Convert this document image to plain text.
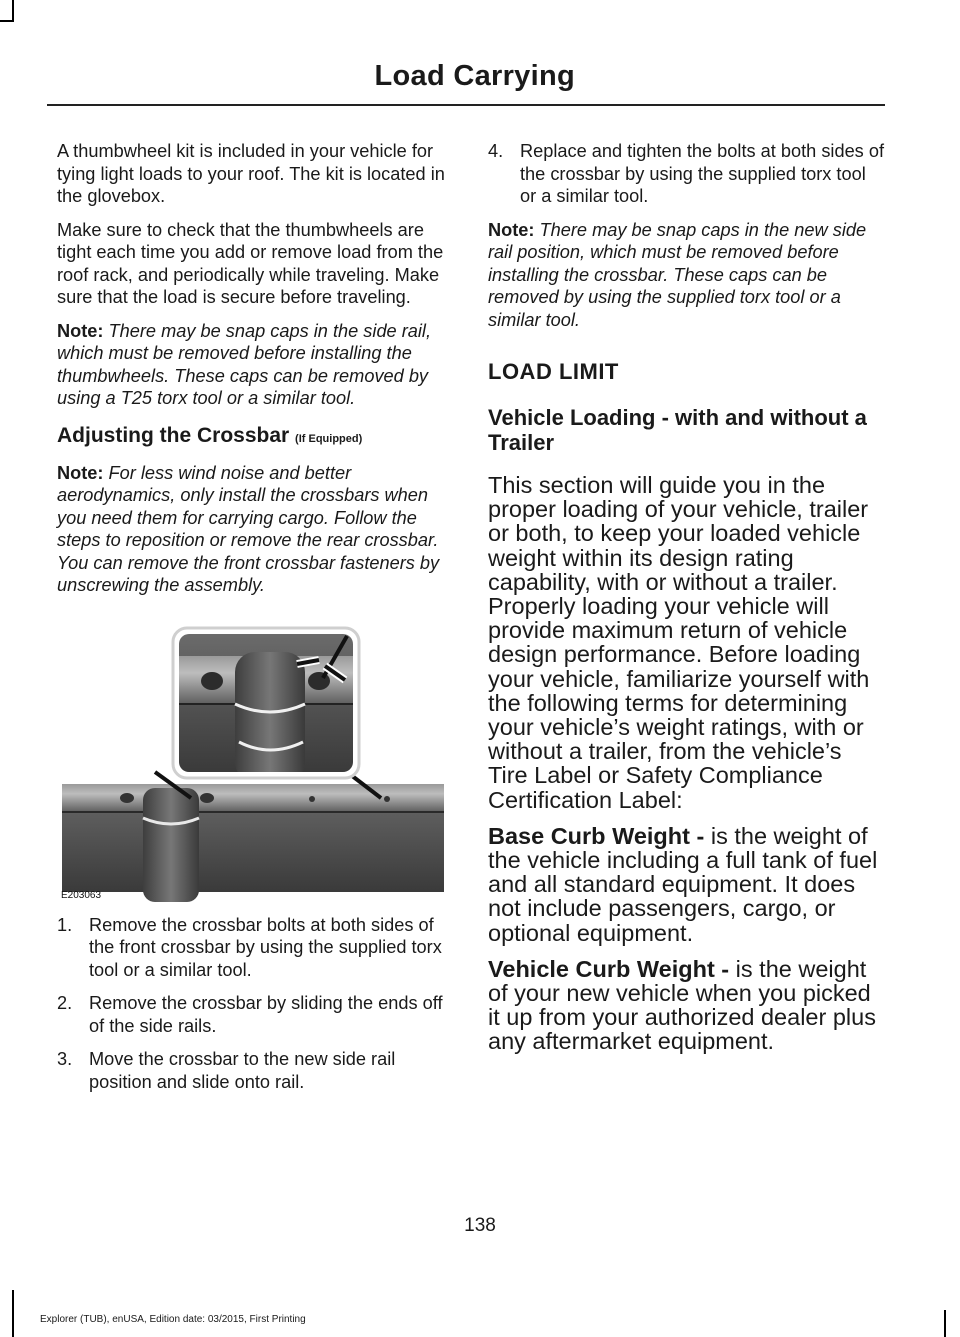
Load Carrying

A thumbwheel kit is included in your vehicle for tying light loads to your roof. The kit is located in the glovebox.

Make sure to check that the thumbwheels are tight each time you add or remove load from the roof rack, and periodically while traveling. Make sure that the load is secure before traveling.

Note: There may be snap caps in the side rail, which must be removed before installing the thumbwheels. These caps can be removed by using a T25 torx tool or a similar tool.

Adjusting the Crossbar (If Equipped)

Note: For less wind noise and better aerodynamics, only install the crossbars when you need them for carrying cargo. Follow the steps to reposition or remove the rear crossbar. You can remove the front crossbar fasteners by unscrewing the assembly.

E203063
1. Remove the crossbar bolts at both sides of the front crossbar by using the supplied torx tool or a similar tool.
2. Remove the crossbar by sliding the ends off of the side rails.
3. Move the crossbar to the new side rail position and slide onto rail.
4. Replace and tighten the bolts at both sides of the crossbar by using the supplied torx tool or a similar tool.

Note: There may be snap caps in the new side rail position, which must be removed before installing the crossbar. These caps can be removed by using the supplied torx tool or a similar tool.

LOAD LIMIT
Vehicle Loading - with and without a Trailer

This section will guide you in the proper loading of your vehicle, trailer or both, to keep your loaded vehicle weight within its design rating capability, with or without a trailer. Properly loading your vehicle will provide maximum return of vehicle design performance. Before loading your vehicle, familiarize yourself with the following terms for determining your vehicle’s weight ratings, with or without a trailer, from the vehicle’s Tire Label or Safety Compliance Certification Label:

Base Curb Weight - is the weight of the vehicle including a full tank of fuel and all standard equipment. It does not include passengers, cargo, or optional equipment.

Vehicle Curb Weight - is the weight of your new vehicle when you picked it up from your authorized dealer plus any aftermarket equipment.

138
Explorer (TUB), enUSA, Edition date: 03/2015, First Printing
